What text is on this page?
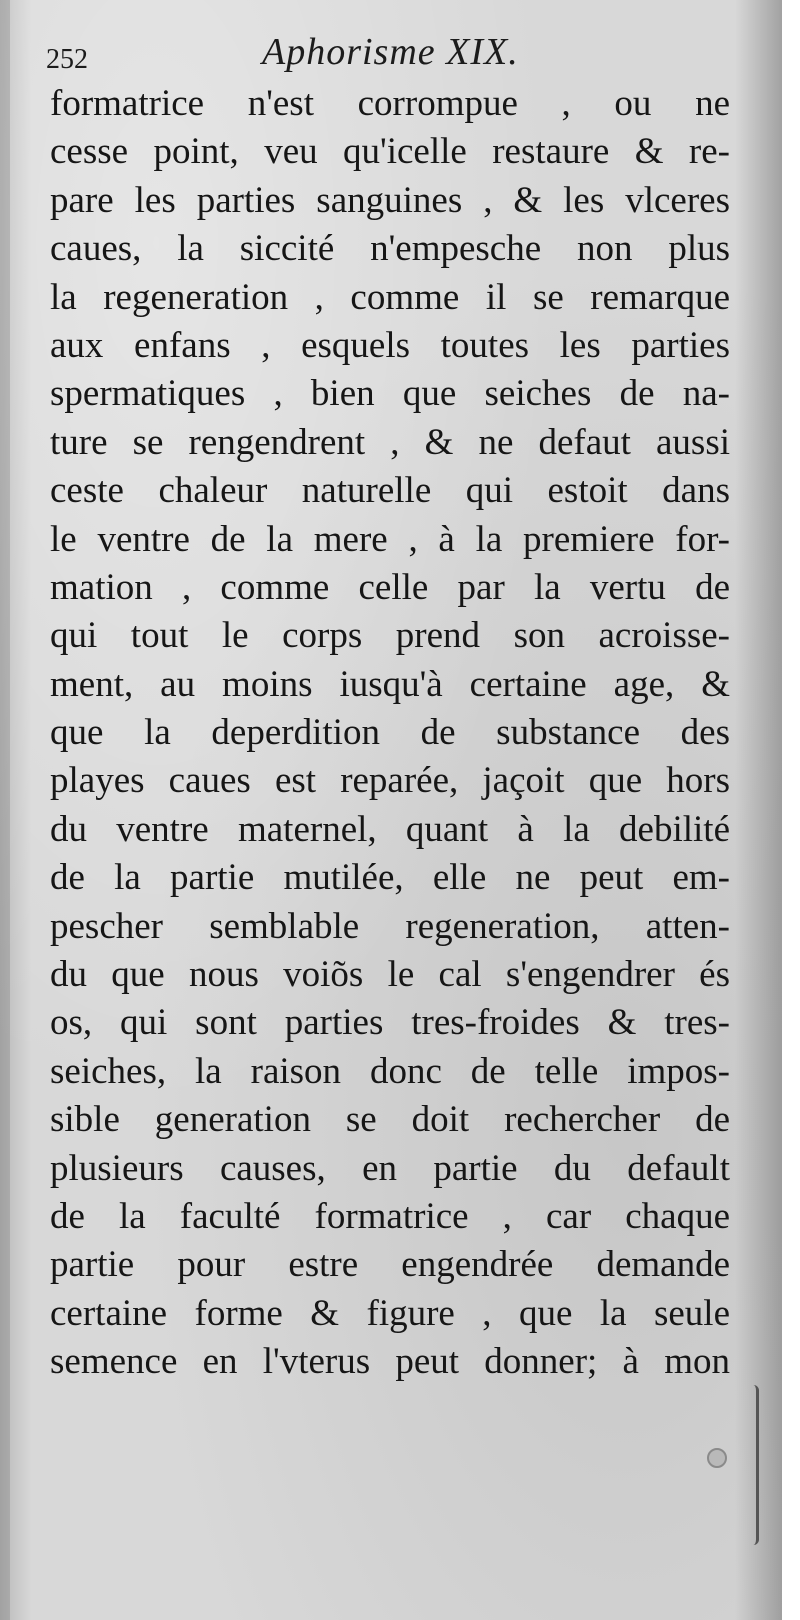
252	Aphorisme XIX.
formatrice n'est corrompue , ou ne
cesse point, veu qu'icelle restaure & re-
pare les parties sanguines , & les vlceres
caues, la siccité n'empesche non plus
la regeneration , comme il se remarque
aux enfans , esquels toutes les parties
spermatiques , bien que seiches de na-
ture se rengendrent , & ne defaut aussi
ceste chaleur naturelle qui estoit dans
le ventre de la mere , à la premiere for-
mation , comme celle par la vertu de
qui tout le corps prend son acroisse-
ment, au moins iusqu'à certaine age, &
que la deperdition de substance des
playes caues est reparée, jaçoit que hors
du ventre maternel, quant à la debilité
de la partie mutilée, elle ne peut em-
pescher semblable regeneration, atten-
du que nous voiõs le cal s'engendrer és
os, qui sont parties tres-froides & tres-
seiches, la raison donc de telle impos-
sible generation se doit rechercher de
plusieurs causes, en partie du default
de la faculté formatrice , car chaque
partie pour estre engendrée demande
certaine forme & figure , que la seule
semence en l'vterus peut donner; à mon
